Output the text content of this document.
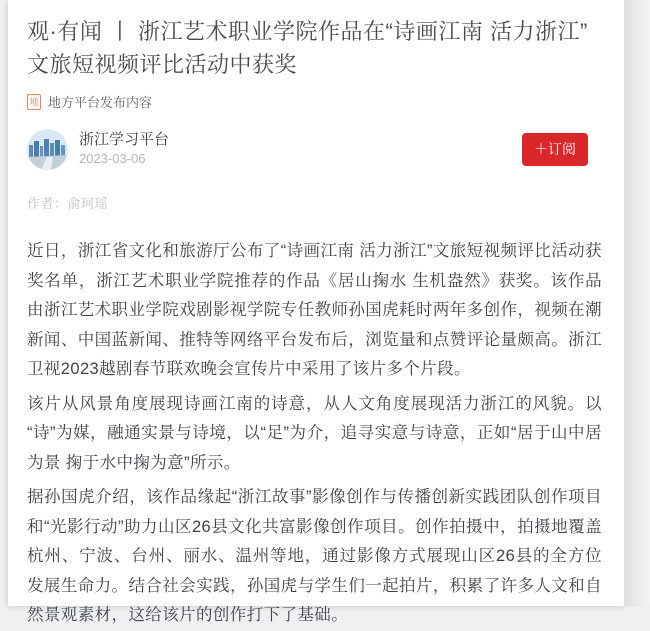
观·有闻 丨 浙江艺术职业学院作品在“诗画江南 活力浙江”文旅短视频评比活动中获奖
地 地方平台发布内容
浙江学习平台
2023-03-06
＋订阅
作者：俞珂瑶

近日，浙江省文化和旅游厅公布了“诗画江南 活力浙江”文旅短视频评比活动获奖名单，浙江艺术职业学院推荐的作品《居山掬水 生机盎然》获奖。该作品由浙江艺术职业学院戏剧影视学院专任教师孙国虎耗时两年多创作，视频在潮新闻、中国蓝新闻、推特等网络平台发布后，浏览量和点赞评论量颇高。浙江卫视2023越剧春节联欢晚会宣传片中采用了该片多个片段。

该片从风景角度展现诗画江南的诗意，从人文角度展现活力浙江的风貌。以“诗”为媒，融通实景与诗境，以“足”为介，追寻实意与诗意，正如“居于山中居为景 掬于水中掬为意”所示。

据孙国虎介绍，该作品缘起“浙江故事”影像创作与传播创新实践团队创作项目和“光影行动”助力山区26县文化共富影像创作项目。创作拍摄中，拍摄地覆盖杭州、宁波、台州、丽水、温州等地，通过影像方式展现山区26县的全方位发展生命力。结合社会实践，孙国虎与学生们一起拍片，积累了许多人文和自然景观素材，这给该片的创作打下了基础。
